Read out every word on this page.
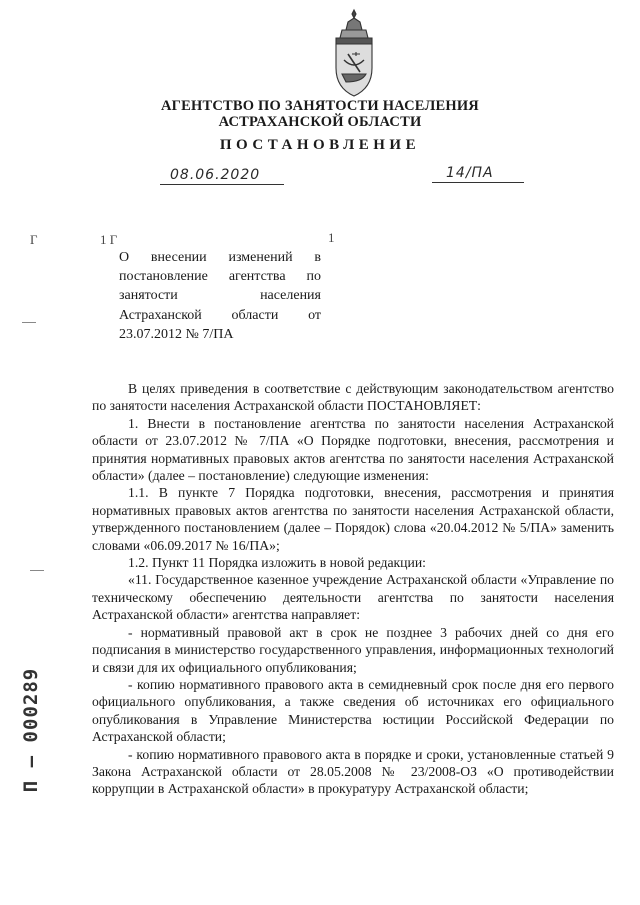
АГЕНТСТВО ПО ЗАНЯТОСТИ НАСЕЛЕНИЯ
АСТРАХАНСКОЙ ОБЛАСТИ
ПОСТАНОВЛЕНИЕ
08.06.2020	14/ПА
Γ	1 Γ	1
О внесении изменений в постановление агентства по занятости населения Астраханской области от 23.07.2012 № 7/ПА

В целях приведения в соответствие с действующим законодательством агентство по занятости населения Астраханской области ПОСТАНОВЛЯЕТ:

1. Внести в постановление агентства по занятости населения Астраханской области от 23.07.2012 № 7/ПА «О Порядке подготовки, внесения, рассмотрения и принятия нормативных правовых актов агентства по занятости населения Астраханской области» (далее – постановление) следующие изменения:

1.1. В пункте 7 Порядка подготовки, внесения, рассмотрения и принятия нормативных правовых актов агентства по занятости населения Астраханской области, утвержденного постановлением (далее – Порядок) слова «20.04.2012 № 5/ПА» заменить словами «06.09.2017 № 16/ПА»;

1.2. Пункт 11 Порядка изложить в новой редакции:

«11. Государственное казенное учреждение Астраханской области «Управление по техническому обеспечению деятельности агентства по занятости населения Астраханской области» агентства направляет:

- нормативный правовой акт в срок не позднее 3 рабочих дней со дня его подписания в министерство государственного управления, информационных технологий и связи для их официального опубликования;

- копию нормативного правового акта в семидневный срок после дня его первого официального опубликования, а также сведения об источниках его официального опубликования в Управление Министерства юстиции Российской Федерации по Астраханской области;

- копию нормативного правового акта в порядке и сроки, установленные статьей 9 Закона Астраханской области от 28.05.2008 № 23/2008-ОЗ «О противодействии коррупции в Астраханской области» в прокуратуру Астраханской области;

П — 000289
